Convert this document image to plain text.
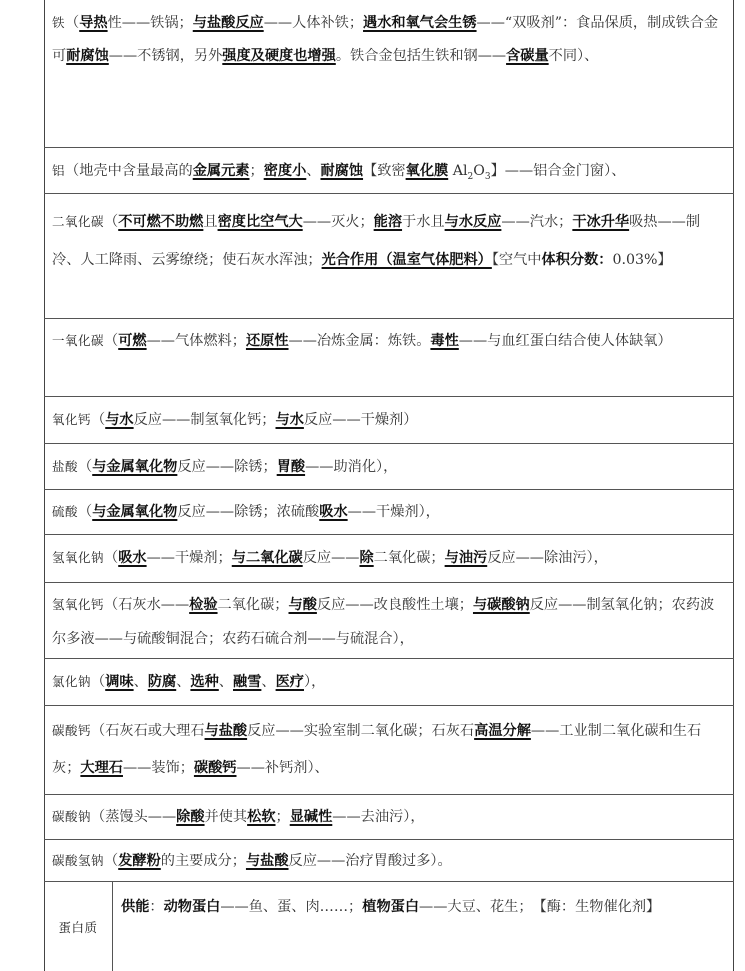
铁（导热性——铁锅；与盐酸反应——人体补铁；遇水和氧气会生锈——“双吸剂”：食品保质，制成铁合金可耐腐蚀——不锈钢，另外强度及硬度也增强。铁合金包括生铁和钢——含碳量不同）、
铝（地壳中含量最高的金属元素；密度小、耐腐蚀【致密氧化膜 $Al_2O_3$】——铝合金门窗）、
二氧化碳（不可燃不助燃且密度比空气大——灭火；能溶于水且与水反应——汽水；干冰升华吸热——制冷、人工降雨、云雾缭绕；使石灰水浑浊；光合作用（温室气体肥料）【空气中体积分数：0.03%】
一氧化碳（可燃——气体燃料；还原性——冶炼金属：炼铁。毒性——与血红蛋白结合使人体缺氧）
氧化钙（与水反应——制氢氧化钙；与水反应——干燥剂）
盐酸（与金属氧化物反应——除锈；胃酸——助消化），
硫酸（与金属氧化物反应——除锈；浓硫酸吸水——干燥剂），
氢氧化钠（吸水——干燥剂；与二氧化碳反应——除二氧化碳；与油污反应——除油污），
氢氧化钙（石灰水——检验二氧化碳；与酸反应——改良酸性土壤；与碳酸钠反应——制氢氧化钠；农药波尔多液——与硫酸铜混合；农药石硫合剂——与硫混合），
氯化钠（调味、防腐、选种、融雪、医疗），
碳酸钙（石灰石或大理石与盐酸反应——实验室制二氧化碳；石灰石高温分解——工业制二氧化碳和生石灰；大理石——装饰；碳酸钙——补钙剂）、
碳酸钠（蒸馒头——除酸并使其松软；显碱性——去油污），
碳酸氢钠（发酵粉的主要成分；与盐酸反应——治疗胃酸过多）。
蛋白质
供能：动物蛋白——鱼、蛋、肉……；植物蛋白——大豆、花生；　【酶：生物催化剂】
